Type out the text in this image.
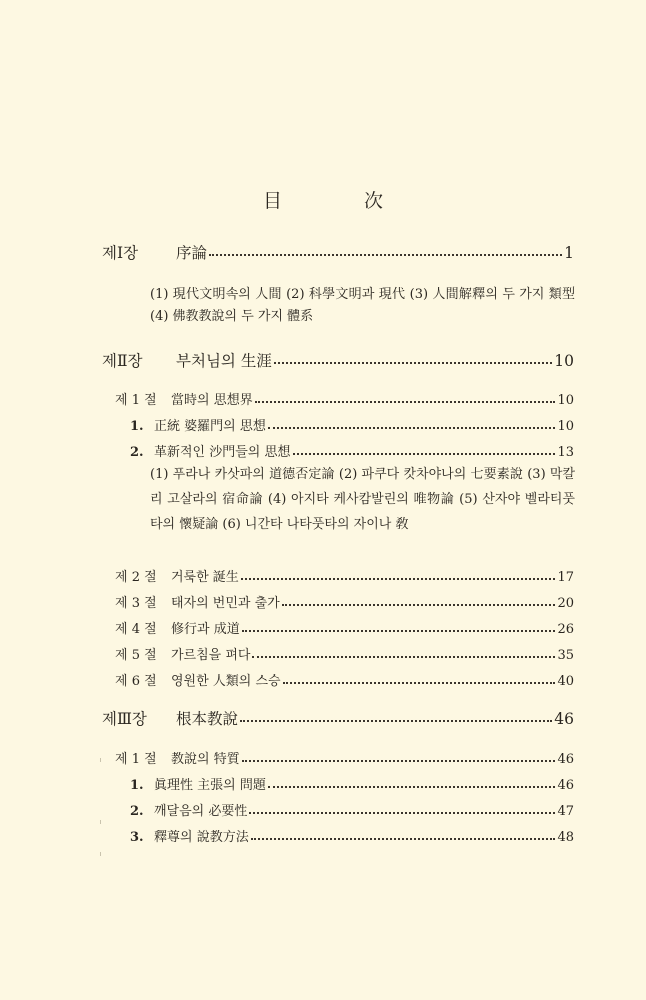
目	次
제Ⅰ장 序論	1
(1) 現代文明속의 人間 (2) 科學文明과 現代 (3) 人間解釋의 두 가지 類型 (4) 佛教教說의 두 가지 體系
제Ⅱ장 부처님의 生涯	10
제 1 절 當時의 思想界	10
1. 正統 婆羅門의 思想	10
2. 革新적인 沙門들의 思想	13
(1) 푸라나 카삿파의 道德否定論 (2) 파쿠다 캇차야나의 七要素說 (3) 막칼리 고살라의 宿命論 (4) 아지타 케사캄발린의 唯物論 (5) 산자야 벨라티풋타의 懷疑論 (6) 니간타 나타풋타의 자이나 敎
제 2 절 거룩한 誕生	17
제 3 절 태자의 번민과 출가	20
제 4 절 修行과 成道	26
제 5 절 가르침을 펴다	35
제 6 절 영원한 人類의 스승	40
제Ⅲ장 根本教說	46
제 1 절 教說의 特質	46
1. 眞理性 主張의 問題	46
2. 깨달음의 必要性	47
3. 釋尊의 說教方法	48
